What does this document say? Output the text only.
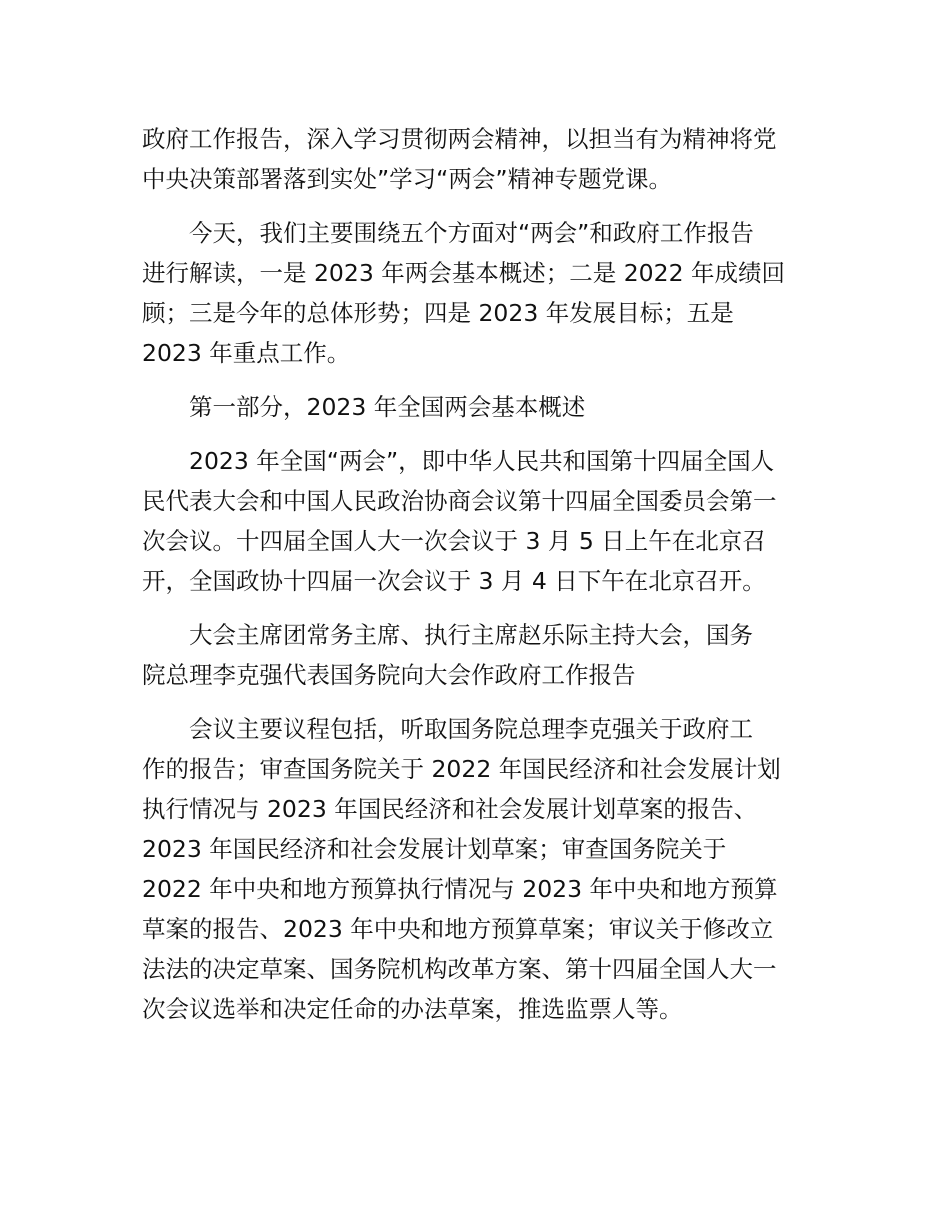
政府工作报告，深入学习贯彻两会精神，以担当有为精神将党
中央决策部署落到实处”学习“两会”精神专题党课。
今天，我们主要围绕五个方面对“两会”和政府工作报告
进行解读，一是 2023 年两会基本概述；二是 2022 年成绩回
顾；三是今年的总体形势；四是 2023 年发展目标；五是
2023 年重点工作。
第一部分，2023 年全国两会基本概述
2023 年全国“两会”，即中华人民共和国第十四届全国人
民代表大会和中国人民政治协商会议第十四届全国委员会第一
次会议。十四届全国人大一次会议于 3 月 5 日上午在北京召
开，全国政协十四届一次会议于 3 月 4 日下午在北京召开。
大会主席团常务主席、执行主席赵乐际主持大会，国务
院总理李克强代表国务院向大会作政府工作报告
会议主要议程包括，听取国务院总理李克强关于政府工
作的报告；审查国务院关于 2022 年国民经济和社会发展计划
执行情况与 2023 年国民经济和社会发展计划草案的报告、
2023 年国民经济和社会发展计划草案；审查国务院关于
2022 年中央和地方预算执行情况与 2023 年中央和地方预算
草案的报告、2023 年中央和地方预算草案；审议关于修改立
法法的决定草案、国务院机构改革方案、第十四届全国人大一
次会议选举和决定任命的办法草案，推选监票人等。
